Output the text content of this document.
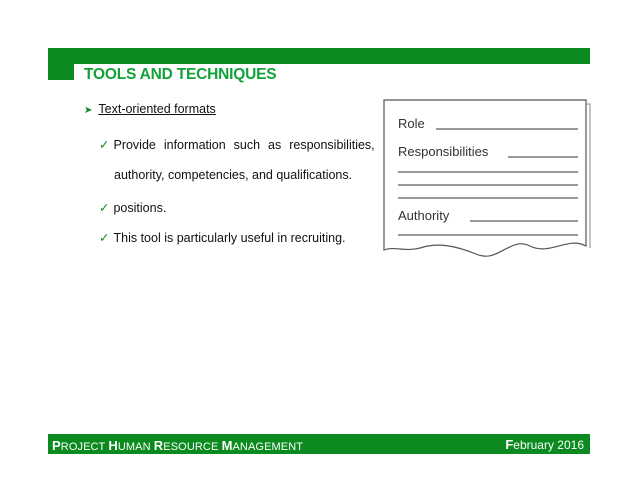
TOOLS AND TECHNIQUES
➤ Text-oriented formats
✓ Provide information such as responsibilities,
authority, competencies, and qualifications.
✓ positions.
✓ This tool is particularly useful in recruiting.
Role
Responsibilities
Authority
PROJECT HUMAN RESOURCE MANAGEMENT	February 2016
